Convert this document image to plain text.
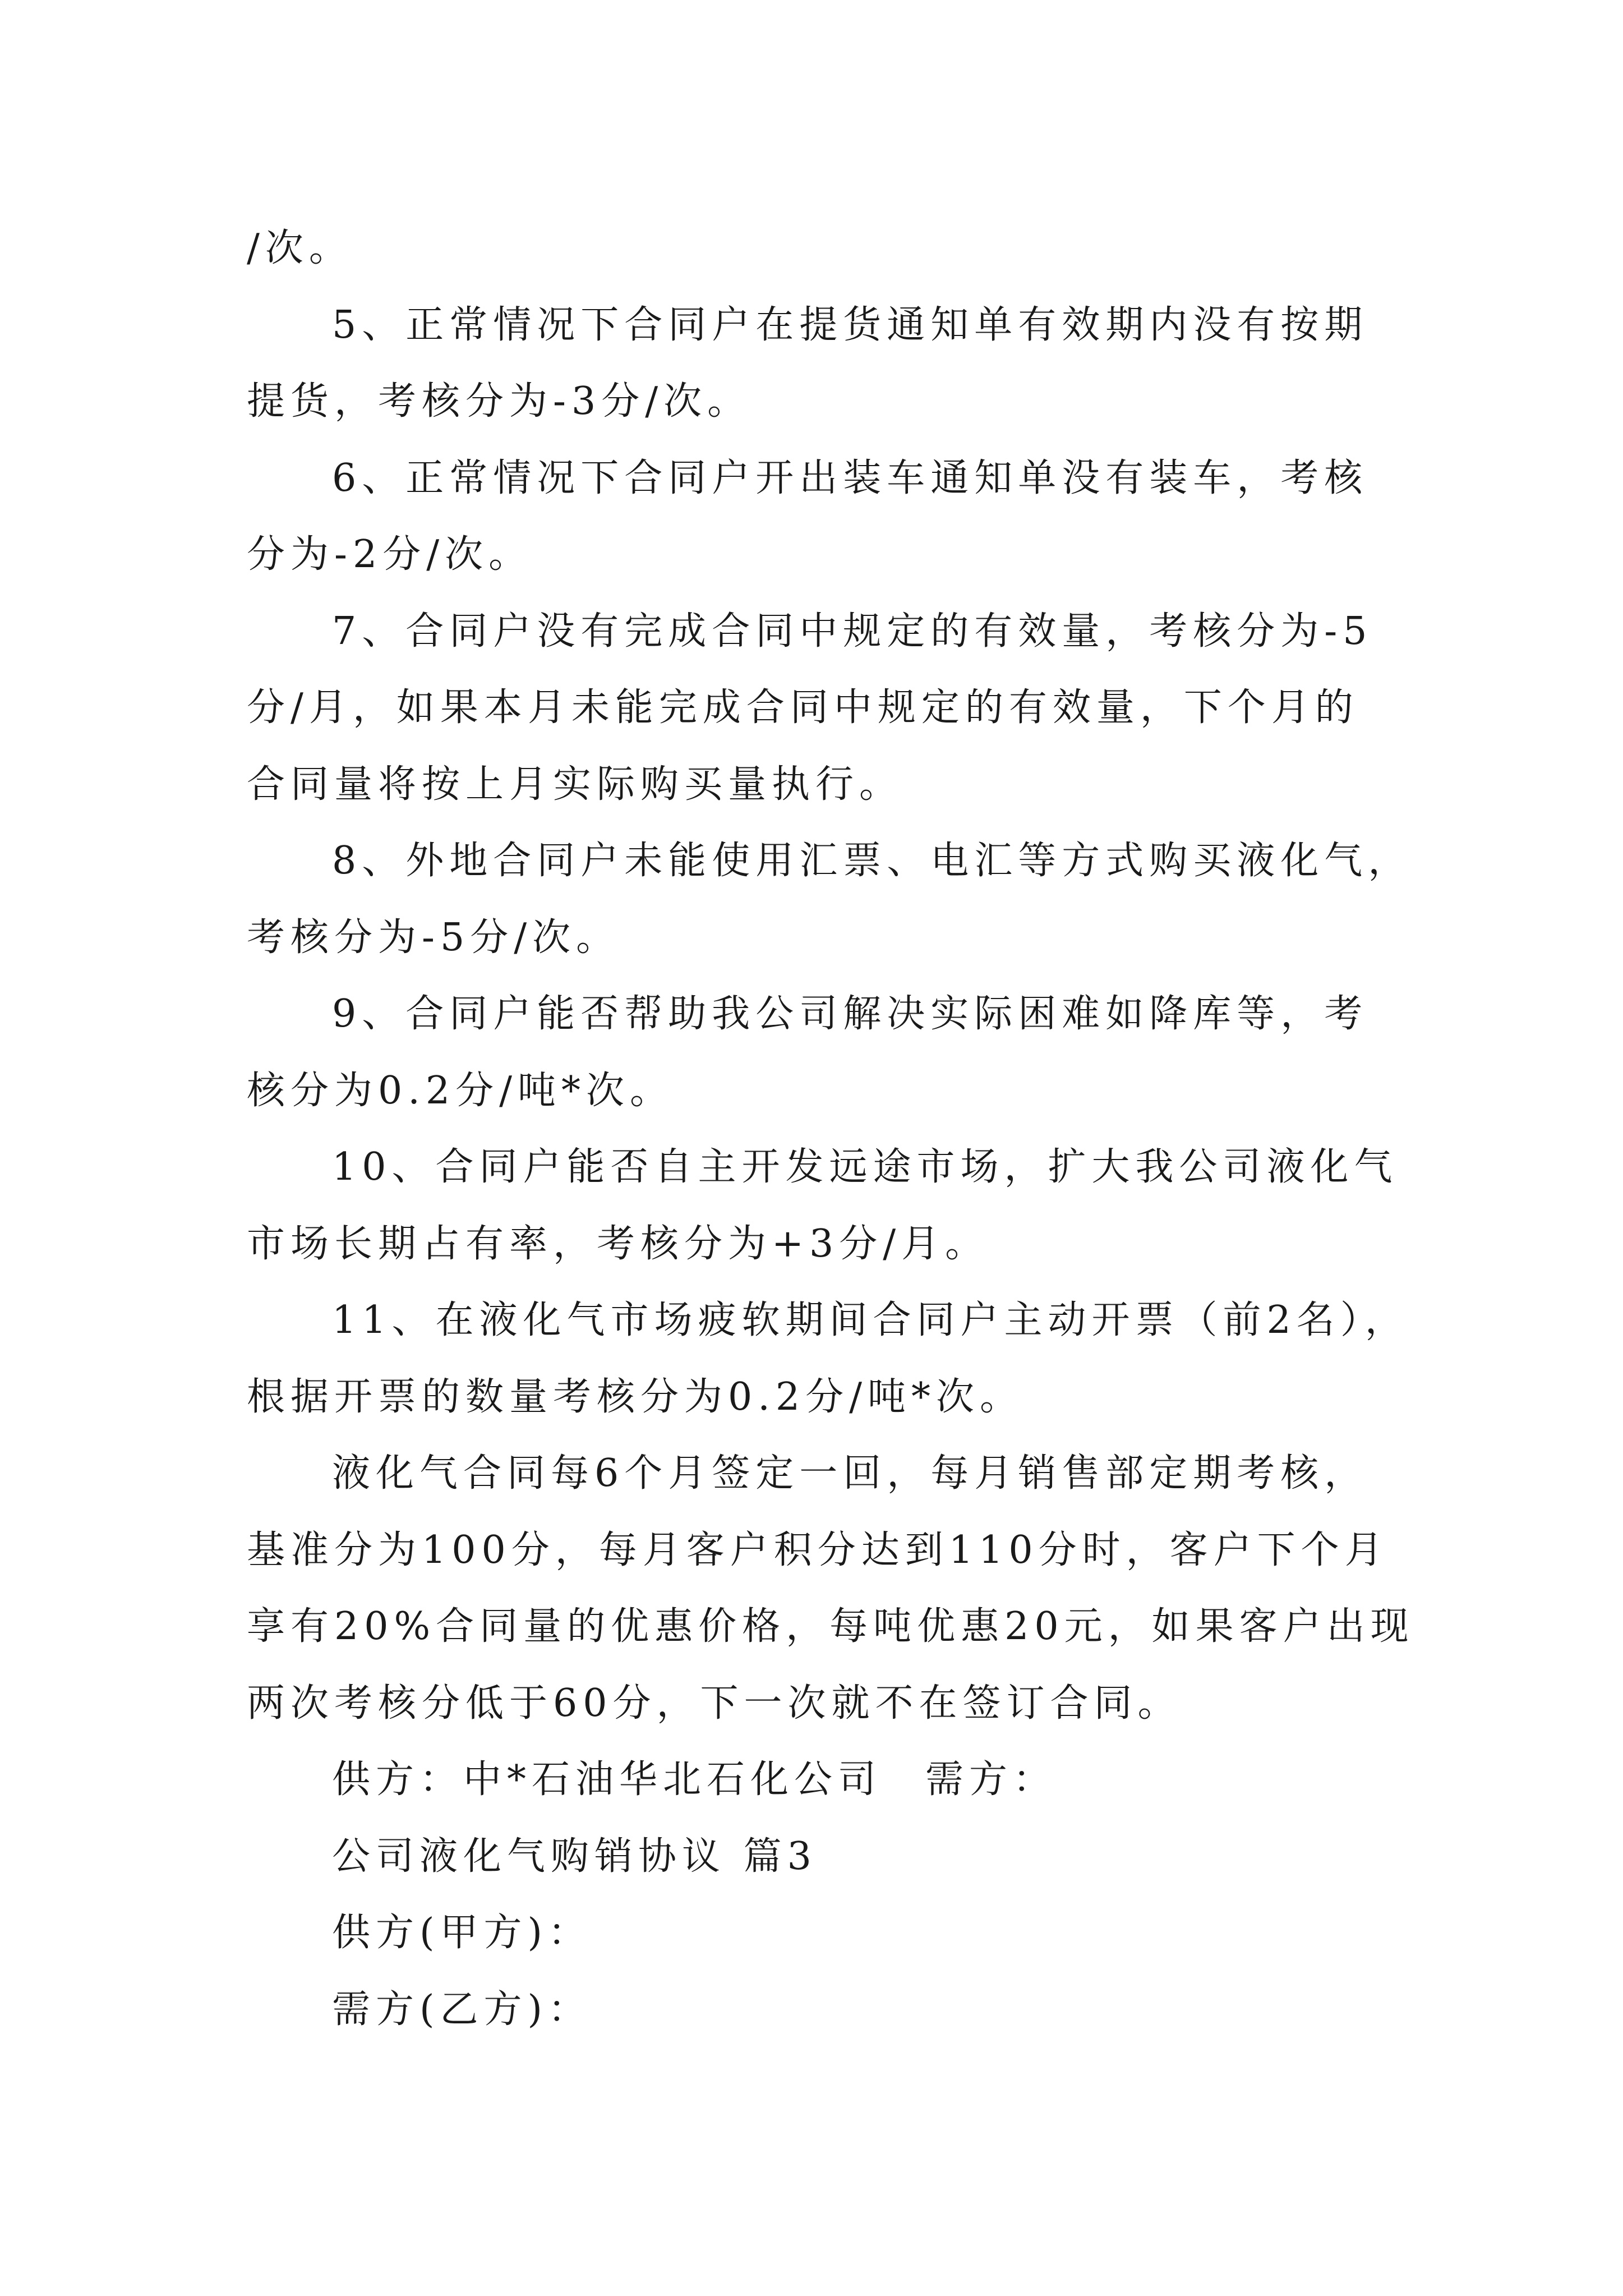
/次。
5、正常情况下合同户在提货通知单有效期内没有按期
提货，考核分为-3分/次。
6、正常情况下合同户开出装车通知单没有装车，考核
分为-2分/次。
7、合同户没有完成合同中规定的有效量，考核分为-5
分/月，如果本月未能完成合同中规定的有效量，下个月的
合同量将按上月实际购买量执行。
8、外地合同户未能使用汇票、电汇等方式购买液化气，
考核分为-5分/次。
9、合同户能否帮助我公司解决实际困难如降库等，考
核分为0.2分/吨*次。
10、合同户能否自主开发远途市场，扩大我公司液化气
市场长期占有率，考核分为+3分/月。
11、在液化气市场疲软期间合同户主动开票（前2名），
根据开票的数量考核分为0.2分/吨*次。
液化气合同每6个月签定一回，每月销售部定期考核，
基准分为100分，每月客户积分达到110分时，客户下个月
享有20%合同量的优惠价格，每吨优惠20元，如果客户出现
两次考核分低于60分，下一次就不在签订合同。
供方：中*石油华北石化公司　需方：
公司液化气购销协议 篇3
供方(甲方)：
需方(乙方)：
